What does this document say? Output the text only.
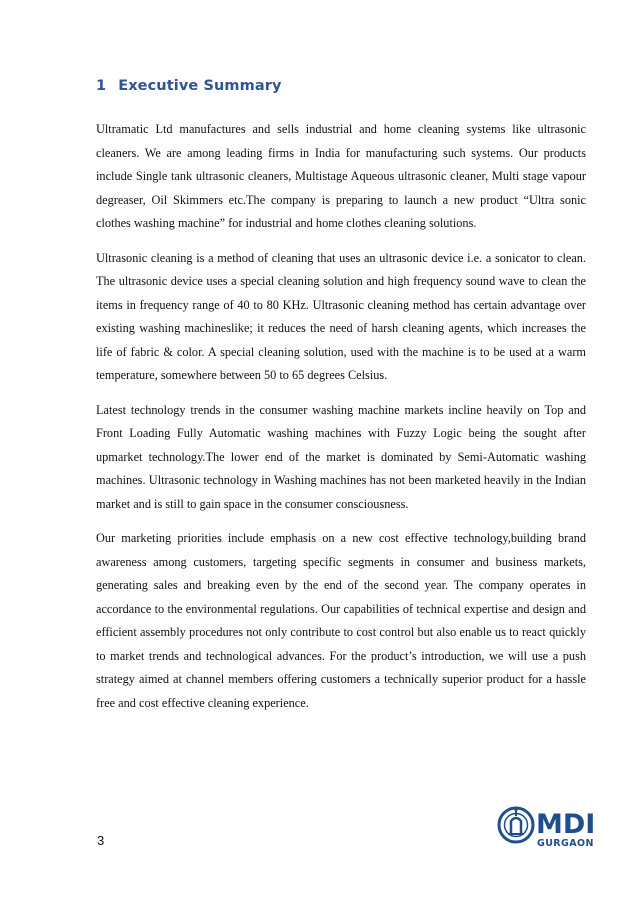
1 Executive Summary

Ultramatic Ltd manufactures and sells industrial and home cleaning systems like ultrasonic cleaners. We are among leading firms in India for manufacturing such systems. Our products include Single tank ultrasonic cleaners, Multistage Aqueous ultrasonic cleaner, Multi stage vapour degreaser, Oil Skimmers etc.The company is preparing to launch a new product “Ultra sonic clothes washing machine” for industrial and home clothes cleaning solutions.

Ultrasonic cleaning is a method of cleaning that uses an ultrasonic device i.e. a sonicator to clean. The ultrasonic device uses a special cleaning solution and high frequency sound wave to clean the items in frequency range of 40 to 80 KHz. Ultrasonic cleaning method has certain advantage over existing washing machineslike; it reduces the need of harsh cleaning agents, which increases the life of fabric & color. A special cleaning solution, used with the machine is to be used at a warm temperature, somewhere between 50 to 65 degrees Celsius.

Latest technology trends in the consumer washing machine markets incline heavily on Top and Front Loading Fully Automatic washing machines with Fuzzy Logic being the sought after upmarket technology.The lower end of the market is dominated by Semi-Automatic washing machines. Ultrasonic technology in Washing machines has not been marketed heavily in the Indian market and is still to gain space in the consumer consciousness.

Our marketing priorities include emphasis on a new cost effective technology,building brand awareness among customers, targeting specific segments in consumer and business markets, generating sales and breaking even by the end of the second year. The company operates in accordance to the environmental regulations. Our capabilities of technical expertise and design and efficient assembly procedures not only contribute to cost control but also enable us to react quickly to market trends and technological advances. For the product’s introduction, we will use a push strategy aimed at channel members offering customers a technically superior product for a hassle free and cost effective cleaning experience.

MDI
GURGAON
3
